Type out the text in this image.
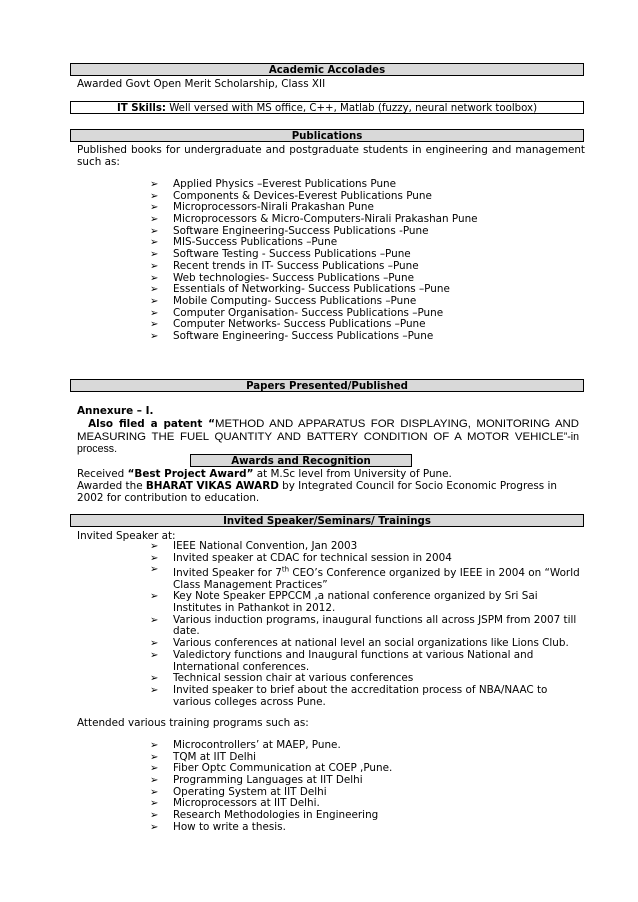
Academic Accolades
Awarded Govt Open Merit Scholarship, Class XII
IT Skills: Well versed with MS office, C++, Matlab (fuzzy, neural network toolbox)
Publications
Published books for undergraduate and postgraduate students in engineering and management such as:
➢ Applied Physics –Everest Publications Pune
➢ Components & Devices-Everest Publications Pune
➢ Microprocessors-Nirali Prakashan Pune
➢ Microprocessors & Micro-Computers-Nirali Prakashan Pune
➢ Software Engineering-Success Publications -Pune
➢ MIS-Success Publications –Pune
➢ Software Testing - Success Publications –Pune
➢ Recent trends in IT- Success Publications –Pune
➢ Web technologies- Success Publications –Pune
➢ Essentials of Networking- Success Publications –Pune
➢ Mobile Computing- Success Publications –Pune
➢ Computer Organisation- Success Publications –Pune
➢ Computer Networks- Success Publications –Pune
➢ Software Engineering- Success Publications –Pune
Papers Presented/Published
Annexure – I.
Also filed a patent “METHOD AND APPARATUS FOR DISPLAYING, MONITORING AND MEASURING THE FUEL QUANTITY AND BATTERY CONDITION OF A MOTOR VEHICLE”-in process.
Awards and Recognition
Received “Best Project Award” at M.Sc level from University of Pune.
Awarded the BHARAT VIKAS AWARD by Integrated Council for Socio Economic Progress in 2002 for contribution to education.
Invited Speaker/Seminars/ Trainings
Invited Speaker at:
➢ IEEE National Convention, Jan 2003
➢ Invited speaker at CDAC for technical session in 2004
➢ Invited Speaker for 7th CEO’s Conference organized by IEEE in 2004 on “World Class Management Practices”
➢ Key Note Speaker EPPCCM ,a national conference organized by Sri Sai Institutes in Pathankot in 2012.
➢ Various induction programs, inaugural functions all across JSPM from 2007 till date.
➢ Various conferences at national level an social organizations like Lions Club.
➢ Valedictory functions and Inaugural functions at various National and International conferences.
➢ Technical session chair at various conferences
➢ Invited speaker to brief about the accreditation process of NBA/NAAC to various colleges across Pune.
Attended various training programs such as:
➢ Microcontrollers’ at MAEP, Pune.
➢ TQM at IIT Delhi
➢ Fiber Optc Communication at COEP ,Pune.
➢ Programming Languages at IIT Delhi
➢ Operating System at IIT Delhi
➢ Microprocessors at IIT Delhi.
➢ Research Methodologies in Engineering
➢ How to write a thesis.
